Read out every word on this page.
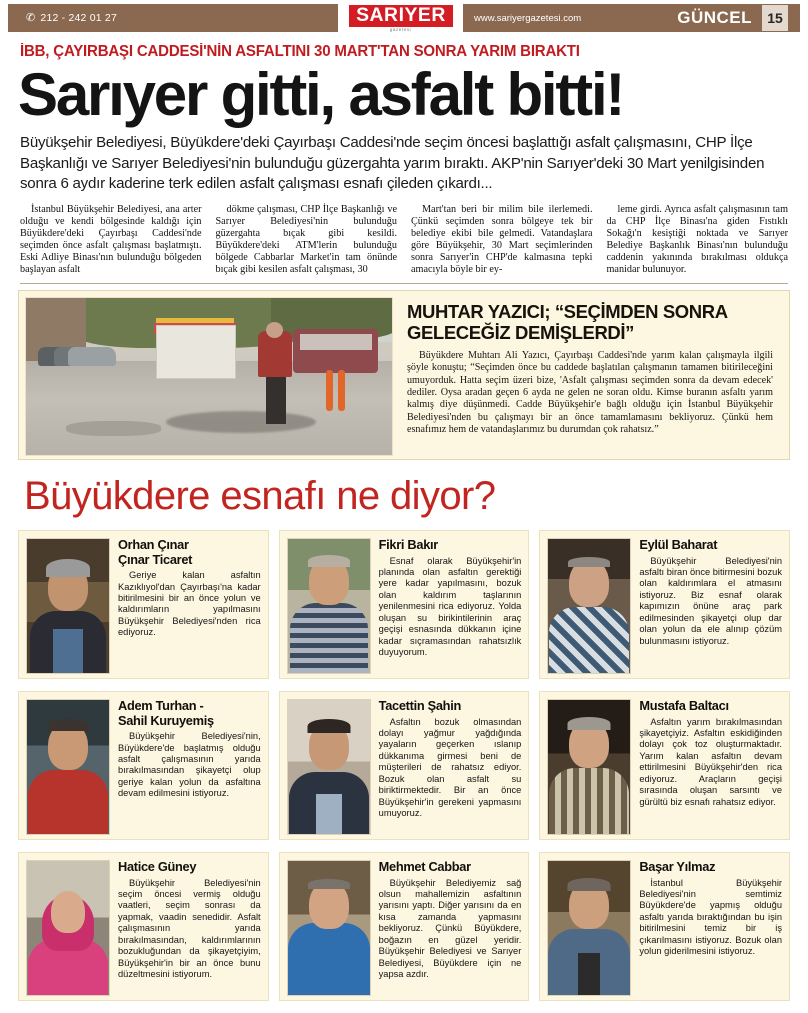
✆ 212 - 242 01 27	SARIYER
gazetesi
www.sariyergazetesi.com	GÜNCEL	15
İBB, ÇAYIRBAŞI CADDESİ'NİN ASFALTINI 30 MART'TAN SONRA YARIM BIRAKTI
Sarıyer gitti, asfalt bitti!
Büyükşehir Belediyesi, Büyükdere'deki Çayırbaşı Caddesi'nde seçim öncesi başlattığı asfalt çalışmasını, CHP İlçe Başkanlığı ve Sarıyer Belediyesi'nin bulunduğu güzergahta yarım bıraktı. AKP'nin Sarıyer'deki 30 Mart yenilgisinden sonra 6 aydır kaderine terk edilen asfalt çalışması esnafı çileden çıkardı...

İstanbul Büyükşehir Belediyesi, ana arter olduğu ve kendi bölgesinde kaldığı için Büyükdere'deki Çayırbaşı Caddesi'nde seçimden önce asfalt çalışması başlatmıştı. Eski Adliye Binası'nın bulunduğu bölgeden başlayan asfalt

dökme çalışması, CHP İlçe Başkanlığı ve Sarıyer Belediyesi'nin bulunduğu güzergahta bıçak gibi kesildi. Büyükdere'deki ATM'lerin bulunduğu bölgede Cabbarlar Market'in tam önünde bıçak gibi kesilen asfalt çalışması, 30

Mart'tan beri bir milim bile ilerlemedi. Çünkü seçimden sonra bölgeye tek bir belediye ekibi bile gelmedi. Vatandaşlara göre Büyükşehir, 30 Mart seçimlerinden sonra Sarıyer'in CHP'de kalmasına tepki amacıyla böyle bir ey-

leme girdi. Ayrıca asfalt çalışmasının tam da CHP İlçe Binası'na giden Fıstıklı Sokağı'n kesiştiği noktada ve Sarıyer Belediye Başkanlık Binası'nın bulunduğu caddenin yakınında bırakılması oldukça manidar bulunuyor.

MUHTAR YAZICI; “SEÇİMDEN SONRA GELECEĞİZ DEMİŞLERDİ”

Büyükdere Muhtarı Ali Yazıcı, Çayırbaşı Caddesi'nde yarım kalan çalışmayla ilgili şöyle konuştu; “Seçimden önce bu caddede başlatılan çalışmanın tamamen bitirileceğini umuyorduk. Hatta seçim üzeri bize, 'Asfalt çalışması seçimden sonra da devam edecek' dediler. Oysa aradan geçen 6 ayda ne gelen ne soran oldu. Kimse buranın asfaltı yarım kalmış diye düşünmedi. Cadde Büyükşehir'e bağlı olduğu için İstanbul Büyükşehir Belediyesi'nden bu çalışmayı bir an önce tamamlamasını bekliyoruz. Çünkü hem esnafımız hem de vatandaşlarımız bu durumdan çok rahatsız.”

Büyükdere esnafı ne diyor?
Orhan Çınar
Çınar Ticaret
Geriye kalan asfaltın Kazıklıyol'dan Çayırbaşı'na kadar bitirilmesini bir an önce yolun ve kaldırımların yapılmasını Büyükşehir Belediyesi'nden rica ediyoruz.
Fikri Bakır
Esnaf olarak Büyükşehir'in planında olan asfaltın gerektiği yere kadar yapılmasını, bozuk olan kaldırım taşlarının yenilenmesini rica ediyoruz. Yolda oluşan su birikintilerinin araç geçişi esnasında dükkanın içine kadar sıçramasından rahatsızlık duyuyorum.
Eylül Baharat
Büyükşehir Belediyesi'nin asfaltı biran önce bitirmesini bozuk olan kaldırımlara el atmasını istiyoruz. Biz esnaf olarak kapımızın önüne araç park edilmesinden şikayetçi olup dar olan yolun da ele alınıp çözüm bulunmasını istiyoruz.
Adem Turhan -
Sahil Kuruyemiş
Büyükşehir Belediyesi'nin, Büyükdere'de başlatmış olduğu asfalt çalışmasının yarıda bırakılmasından şikayetçi olup geriye kalan yolun da asfaltına devam edilmesini istiyoruz.
Tacettin Şahin
Asfaltın bozuk olmasından dolayı yağmur yağdığında yayaların geçerken ıslanıp dükkanıma girmesi beni de müşterileri de rahatsız ediyor. Bozuk olan asfalt su biriktirmektedir. Bir an önce Büyükşehir'in gerekeni yapmasını umuyoruz.
Mustafa Baltacı
Asfaltın yarım bırakılmasından şikayetçiyiz. Asfaltın eskidiğinden dolayı çok toz oluşturmaktadır. Yarım kalan asfaltın devam ettirilmesini Büyükşehir'den rica ediyoruz. Araçların geçişi sırasında oluşan sarsıntı ve gürültü biz esnafı rahatsız ediyor.
Hatice Güney
Büyükşehir Belediyesi'nin seçim öncesi vermiş olduğu vaatleri, seçim sonrası da yapmak, vaadin senedidir. Asfalt çalışmasının yarıda bırakılmasından, kaldırımlarının bozukluğundan da şikayetçiyim, Büyükşehir'in bir an önce bunu düzeltmesini istiyorum.
Mehmet Cabbar
Büyükşehir Belediyemiz sağ olsun mahallemizin asfaltının yarısını yaptı. Diğer yarısını da en kısa zamanda yapmasını bekliyoruz. Çünkü Büyükdere, boğazın en güzel yeridir. Büyükşehir Belediyesi ve Sarıyer Belediyesi, Büyükdere için ne yapsa azdır.
Başar Yılmaz
İstanbul Büyükşehir Belediyesi'nin semtimiz Büyükdere'de yapmış olduğu asfaltı yarıda bıraktığından bu işin bitirilmesini temiz bir iş çıkarılmasını istiyoruz. Bozuk olan yolun giderilmesini istiyoruz.
